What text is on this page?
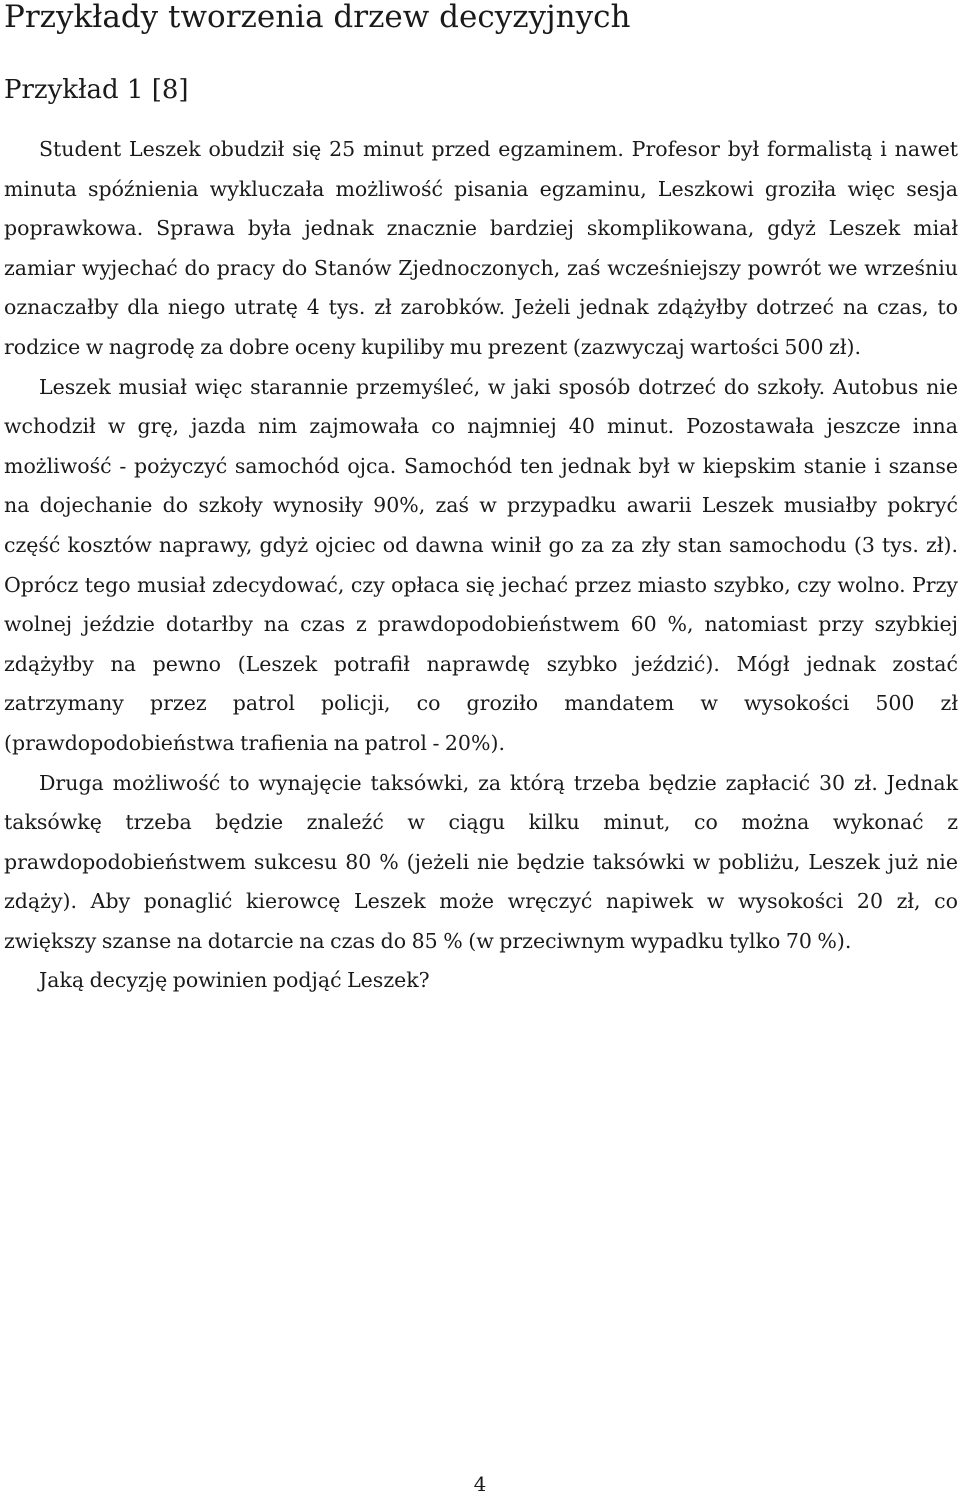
Przykłady tworzenia drzew decyzyjnych
Przykład 1 [8]

Student Leszek obudził się 25 minut przed egzaminem. Profesor był formalistą i nawet minuta spóźnienia wykluczała możliwość pisania egzaminu, Leszkowi groziła więc sesja poprawkowa. Sprawa była jednak znacznie bardziej skomplikowana, gdyż Leszek miał zamiar wyjechać do pracy do Stanów Zjednoczonych, zaś wcześniejszy powrót we wrześniu oznaczałby dla niego utratę 4 tys. zł zarobków. Jeżeli jednak zdążyłby dotrzeć na czas, to rodzice w nagrodę za dobre oceny kupiliby mu prezent (zazwyczaj wartości 500 zł).

Leszek musiał więc starannie przemyśleć, w jaki sposób dotrzeć do szkoły. Autobus nie wchodził w grę, jazda nim zajmowała co najmniej 40 minut. Pozostawała jeszcze inna możliwość - pożyczyć samochód ojca. Samochód ten jednak był w kiepskim stanie i szanse na dojechanie do szkoły wynosiły 90%, zaś w przypadku awarii Leszek musiałby pokryć część kosztów naprawy, gdyż ojciec od dawna winił go za za zły stan samochodu (3 tys. zł). Oprócz tego musiał zdecydować, czy opłaca się jechać przez miasto szybko, czy wolno. Przy wolnej jeździe dotarłby na czas z prawdopodobieństwem 60 %, natomiast przy szybkiej zdążyłby na pewno (Leszek potrafił naprawdę szybko jeździć). Mógł jednak zostać zatrzymany przez patrol policji, co groziło mandatem w wysokości 500 zł (prawdopodobieństwa trafienia na patrol - 20%).

Druga możliwość to wynajęcie taksówki, za którą trzeba będzie zapłacić 30 zł. Jednak taksówkę trzeba będzie znaleźć w ciągu kilku minut, co można wykonać z prawdopodobieństwem sukcesu 80 % (jeżeli nie będzie taksówki w pobliżu, Leszek już nie zdąży). Aby ponaglić kierowcę Leszek może wręczyć napiwek w wysokości 20 zł, co zwiększy szanse na dotarcie na czas do 85 % (w przeciwnym wypadku tylko 70 %).

Jaką decyzję powinien podjąć Leszek?

4
